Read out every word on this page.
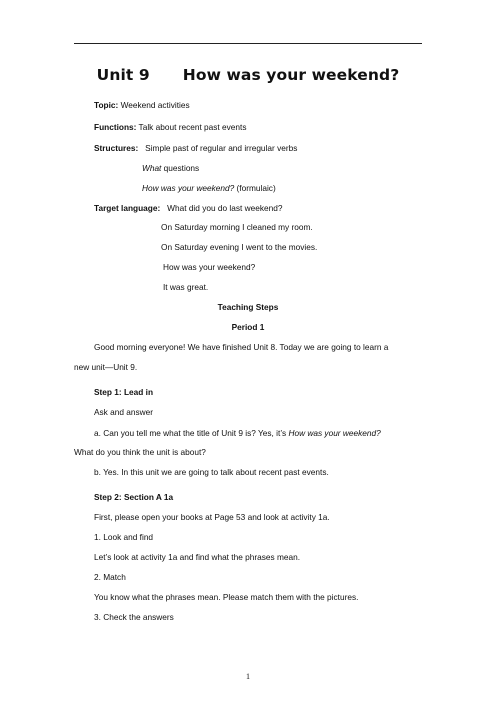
Unit 9      How was your weekend?
Topic: Weekend activities
Functions: Talk about recent past events
Structures:   Simple past of regular and irregular verbs
What questions
How was your weekend? (formulaic)
Target language:   What did you do last weekend?
On Saturday morning I cleaned my room.
On Saturday evening I went to the movies.
How was your weekend?
It was great.
Teaching Steps
Period 1
Good morning everyone! We have finished Unit 8. Today we are going to learn a
new unit—Unit 9.
Step 1: Lead in
Ask and answer
a. Can you tell me what the title of Unit 9 is? Yes, it’s How was your weekend?
What do you think the unit is about?
b. Yes. In this unit we are going to talk about recent past events.
Step 2: Section A 1a
First, please open your books at Page 53 and look at activity 1a.
1. Look and find
Let’s look at activity 1a and find what the phrases mean.
2. Match
You know what the phrases mean. Please match them with the pictures.
3. Check the answers
1
